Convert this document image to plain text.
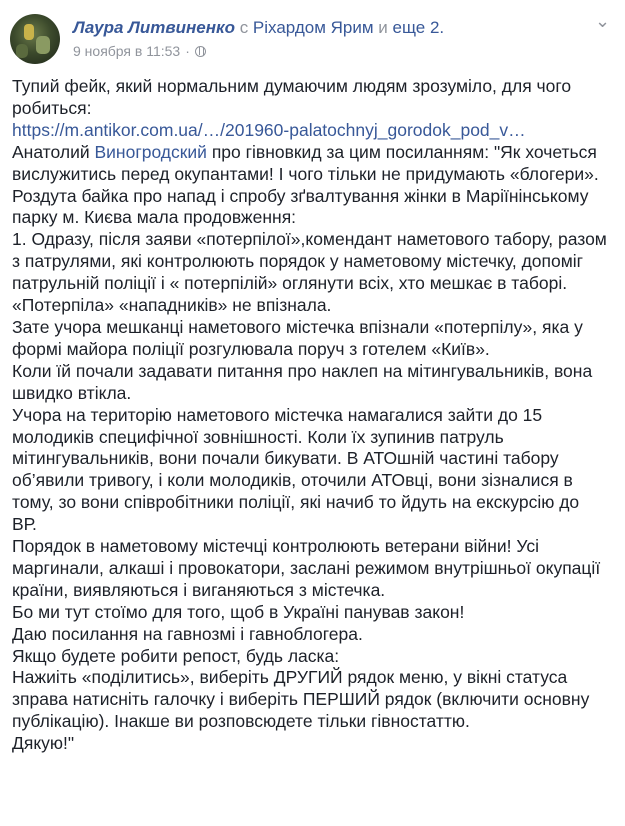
Лаура Литвиненко с Ріхардом Ярим и еще 2.
9 ноября в 11:53 ·
⌄

Тупий фейк, який нормальним думаючим людям зрозуміло, для чого

робиться:

https://m.antikor.com.ua/…/201960-palatochnyj_gorodok_pod_v…

Анатолий Виногродский про гівновкид за цим посиланням: "Як хочеться

вислужитись перед окупантами! І чого тільки не придумають «блогери».

Роздута байка про напад і спробу зґвалтування жінки в Маріїнінському

парку м. Києва мала продовження:

1. Одразу, після заяви «потерпілої»,комендант наметового табору, разом

з патрулями, які контролюють порядок у наметовому містечку, допоміг

патрульній поліції і « потерпілій» оглянути всіх, хто мешкає в таборі.

«Потерпіла» «нападників» не впізнала.

Зате учора мешканці наметового містечка впізнали «потерпілу», яка у

формі майора поліції розгулювала поруч з готелем «Київ».

Коли їй почали задавати питання про наклеп на мітингувальників, вона

швидко втікла.

Учора на територію наметового містечка намагалися зайти до 15

молодиків специфічної зовнішності. Коли їх зупинив патруль

мітингувальників, вони почали бикувати. В АТОшній частині табору

об’явили тривогу, і коли молодиків, оточили АТОвці, вони зізналися в

тому, зо вони співробітники поліції, які начиб то йдуть на екскурсію до

ВР.

Порядок в наметовому містечці контролюють ветерани війни! Усі

маргинали, алкаші і провокатори, заслані режимом внутрішньої окупації

країни, виявляються і виганяються з містечка.

Бо ми тут стоїмо для того, щоб в Україні панував закон!

Даю посилання на гавнозмі і гавноблогера.

Якщо будете робити репост, будь ласка:

Нажиіть «поділитись», виберіть ДРУГИЙ рядок меню, у вікні статуса

зправа натисніть галочку і виберіть ПЕРШИЙ рядок (включити основну

публікацію). Інакше ви розповсюдете тільки гівностаттю.

Дякую!"
